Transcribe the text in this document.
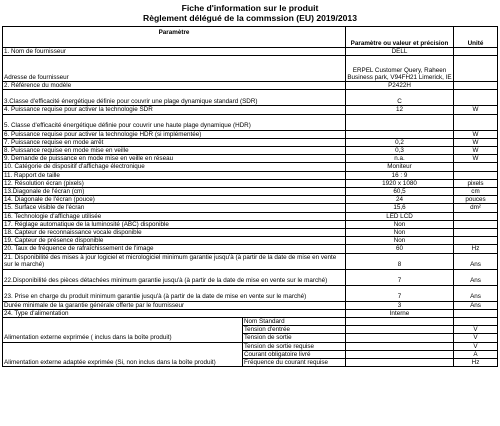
Fiche d'information sur le produit
Règlement délégué de la commssion (EU) 2019/2013
Paramètre		Paramètre ou valeur et précision	Unité
1. Nom de fournisseur		DELL	
Adresse de fournisseur		ERPEL Customer Query, Raheen Business park, V94FH21 Limerick, IE	
2. Référence du modèle		P2422H	
3.Classe d'efficacité énergétique définie pour couvrir une plage dynamique standard (SDR)		C	
4. Puissance requise pour activer la technologie SDR		12	W
5. Classe d'efficacité énergétique définie pour couvrir une haute plage dynamique (HDR)			
6. Puissance requise pour activer la technologie HDR (si implémentée)			W
7. Puissance requise en mode arrêt		0,2	W
8. Puissance requise en mode mise en veille		0,3	W
9. Demande de puissance en mode mise en veille en réseau		n.a.	W
10. Catégorie de dispositif d'affichage électronique		Moniteur	
11. Rapport de taille		16 : 9	
12. Résolution écran (pixels)		1920 x 1080	pixels
13.Diagonale de l'écran (cm)		60,5	cm
14. Diagonale de l'écran (pouce)		24	pouces
15. Surface visible de l'écran		15,6	dm²
16. Technologie d'affichage utilisée		LED LCD	
17. Réglage automatique de la luminosité (ABC) disponible		Non	
18. Capteur de reconnaissance vocale disponible		Non	
19. Capteur de présence disponible		Non	
20. Taux de fréquence de rafraîchissement de l'image		60	Hz
21. Disponibilité des mises à jour logiciel et micrologiciel minimum garantie jusqu'à (à partir de la date de mise en vente sur le marché)		8	Ans
22.Disponibilité des pièces détachées minimum garantie jusqu'à (à partir de la date de mise en vente sur le marché)		7	Ans
23. Prise en charge du produit minimum garantie jusqu'à (à partir de la date de mise en vente sur le marché)		7	Ans
Durée minimale de la garantie générale offerte par le fournisseur		3	Ans
24. Type d'alimentation		Interne	
Alimentation externe exprimée ( inclus dans la boîte produit)	Nom Standard		
	Tension d'entrée		V
	Tension de sortie		V
Alimentation externe adaptée exprimée (Si, non inclus dans la boîte produit)	Tension de sortie requise		V
	Courant obligatoire livré		A
	Fréquence du courant requise		Hz
